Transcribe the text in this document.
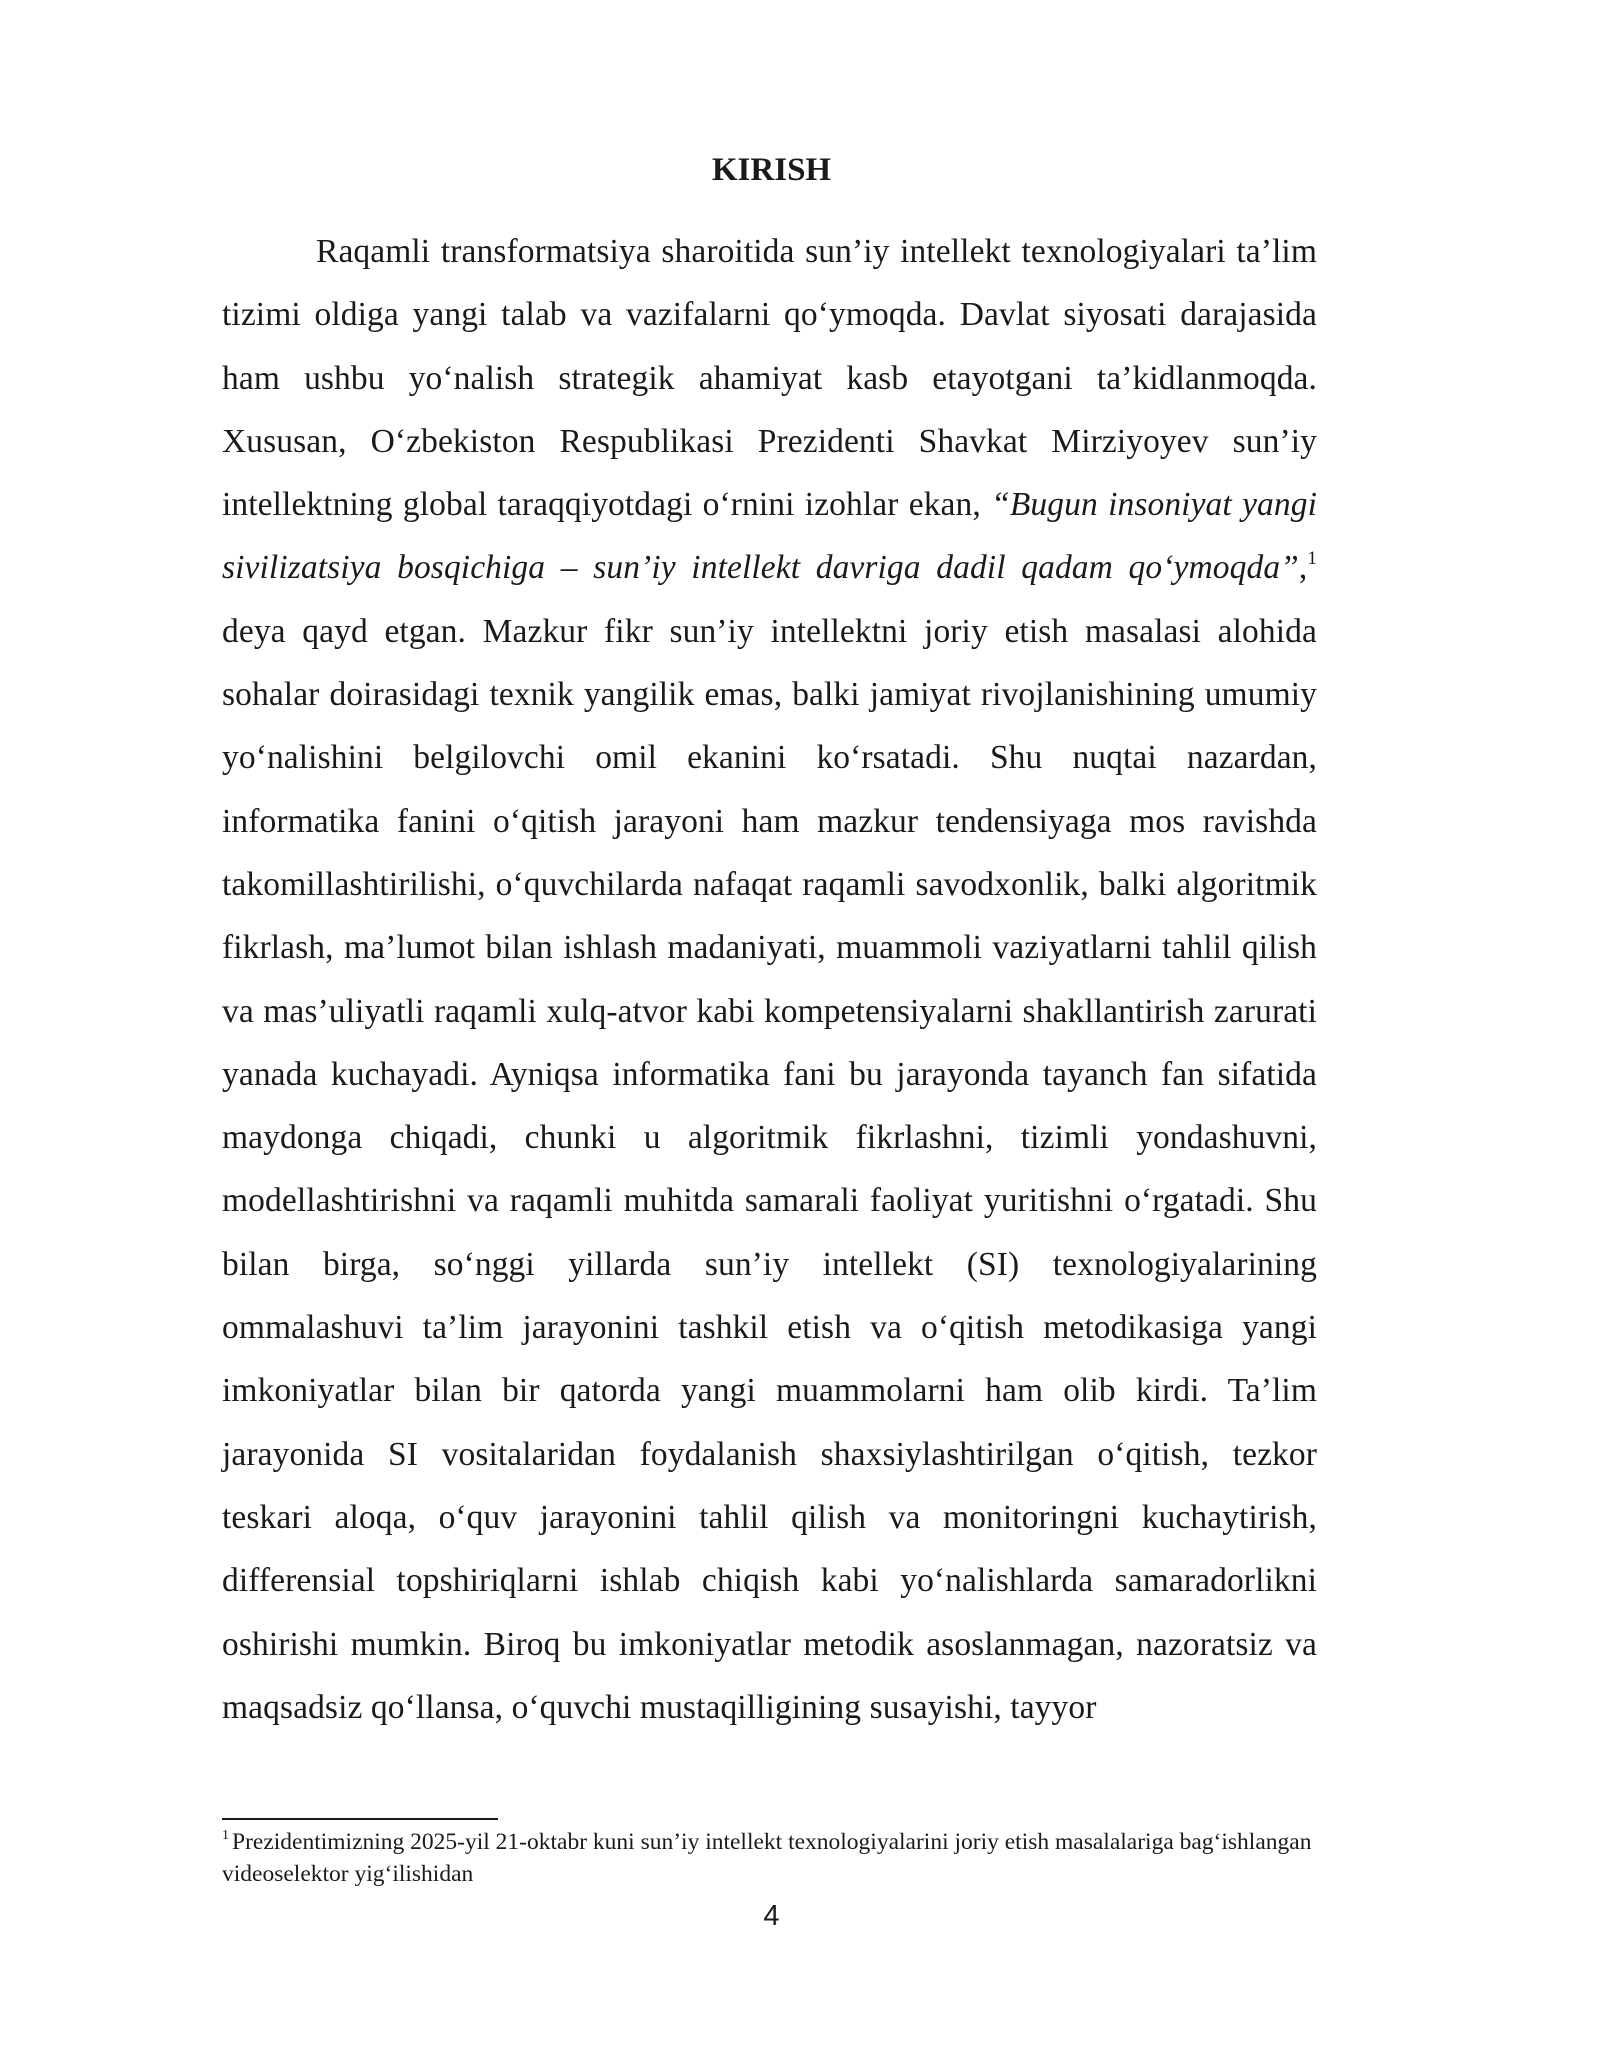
KIRISH

Raqamli transformatsiya sharoitida sun’iy intellekt texnologiyalari ta’lim tizimi oldiga yangi talab va vazifalarni qo‘ymoqda. Davlat siyosati darajasida ham ushbu yo‘nalish strategik ahamiyat kasb etayotgani ta’kidlanmoqda. Xususan, O‘zbekiston Respublikasi Prezidenti Shavkat Mirziyoyev sun’iy intellektning global taraqqiyotdagi o‘rnini izohlar ekan, “Bugun insoniyat yangi sivilizatsiya bosqichiga – sun’iy intellekt davriga dadil qadam qo‘ymoqda”,$^1$ deya qayd etgan. Mazkur fikr sun’iy intellektni joriy etish masalasi alohida sohalar doirasidagi texnik yangilik emas, balki jamiyat rivojlanishining umumiy yo‘nalishini belgilovchi omil ekanini ko‘rsatadi. Shu nuqtai nazardan, informatika fanini o‘qitish jarayoni ham mazkur tendensiyaga mos ravishda takomillashtirilishi, o‘quvchilarda nafaqat raqamli savodxonlik, balki algoritmik fikrlash, ma’lumot bilan ishlash madaniyati, muammoli vaziyatlarni tahlil qilish va mas’uliyatli raqamli xulq-atvor kabi kompetensiyalarni shakllantirish zarurati yanada kuchayadi. Ayniqsa informatika fani bu jarayonda tayanch fan sifatida maydonga chiqadi, chunki u algoritmik fikrlashni, tizimli yondashuvni, modellashtirishni va raqamli muhitda samarali faoliyat yuritishni o‘rgatadi. Shu bilan birga, so‘nggi yillarda sun’iy intellekt (SI) texnologiyalarining ommalashuvi ta’lim jarayonini tashkil etish va o‘qitish metodikasiga yangi imkoniyatlar bilan bir qatorda yangi muammolarni ham olib kirdi. Ta’lim jarayonida SI vositalaridan foydalanish shaxsiylashtirilgan o‘qitish, tezkor teskari aloqa, o‘quv jarayonini tahlil qilish va monitoringni kuchaytirish, differensial topshiriqlarni ishlab chiqish kabi yo‘nalishlarda samaradorlikni oshirishi mumkin. Biroq bu imkoniyatlar metodik asoslanmagan, nazoratsiz va maqsadsiz qo‘llansa, o‘quvchi mustaqilligining susayishi, tayyor

$^1$ Prezidentimizning 2025-yil 21-oktabr kuni sun’iy intellekt texnologiyalarini joriy etish masalalariga bag‘ishlangan videoselektor yig‘ilishidan

4
